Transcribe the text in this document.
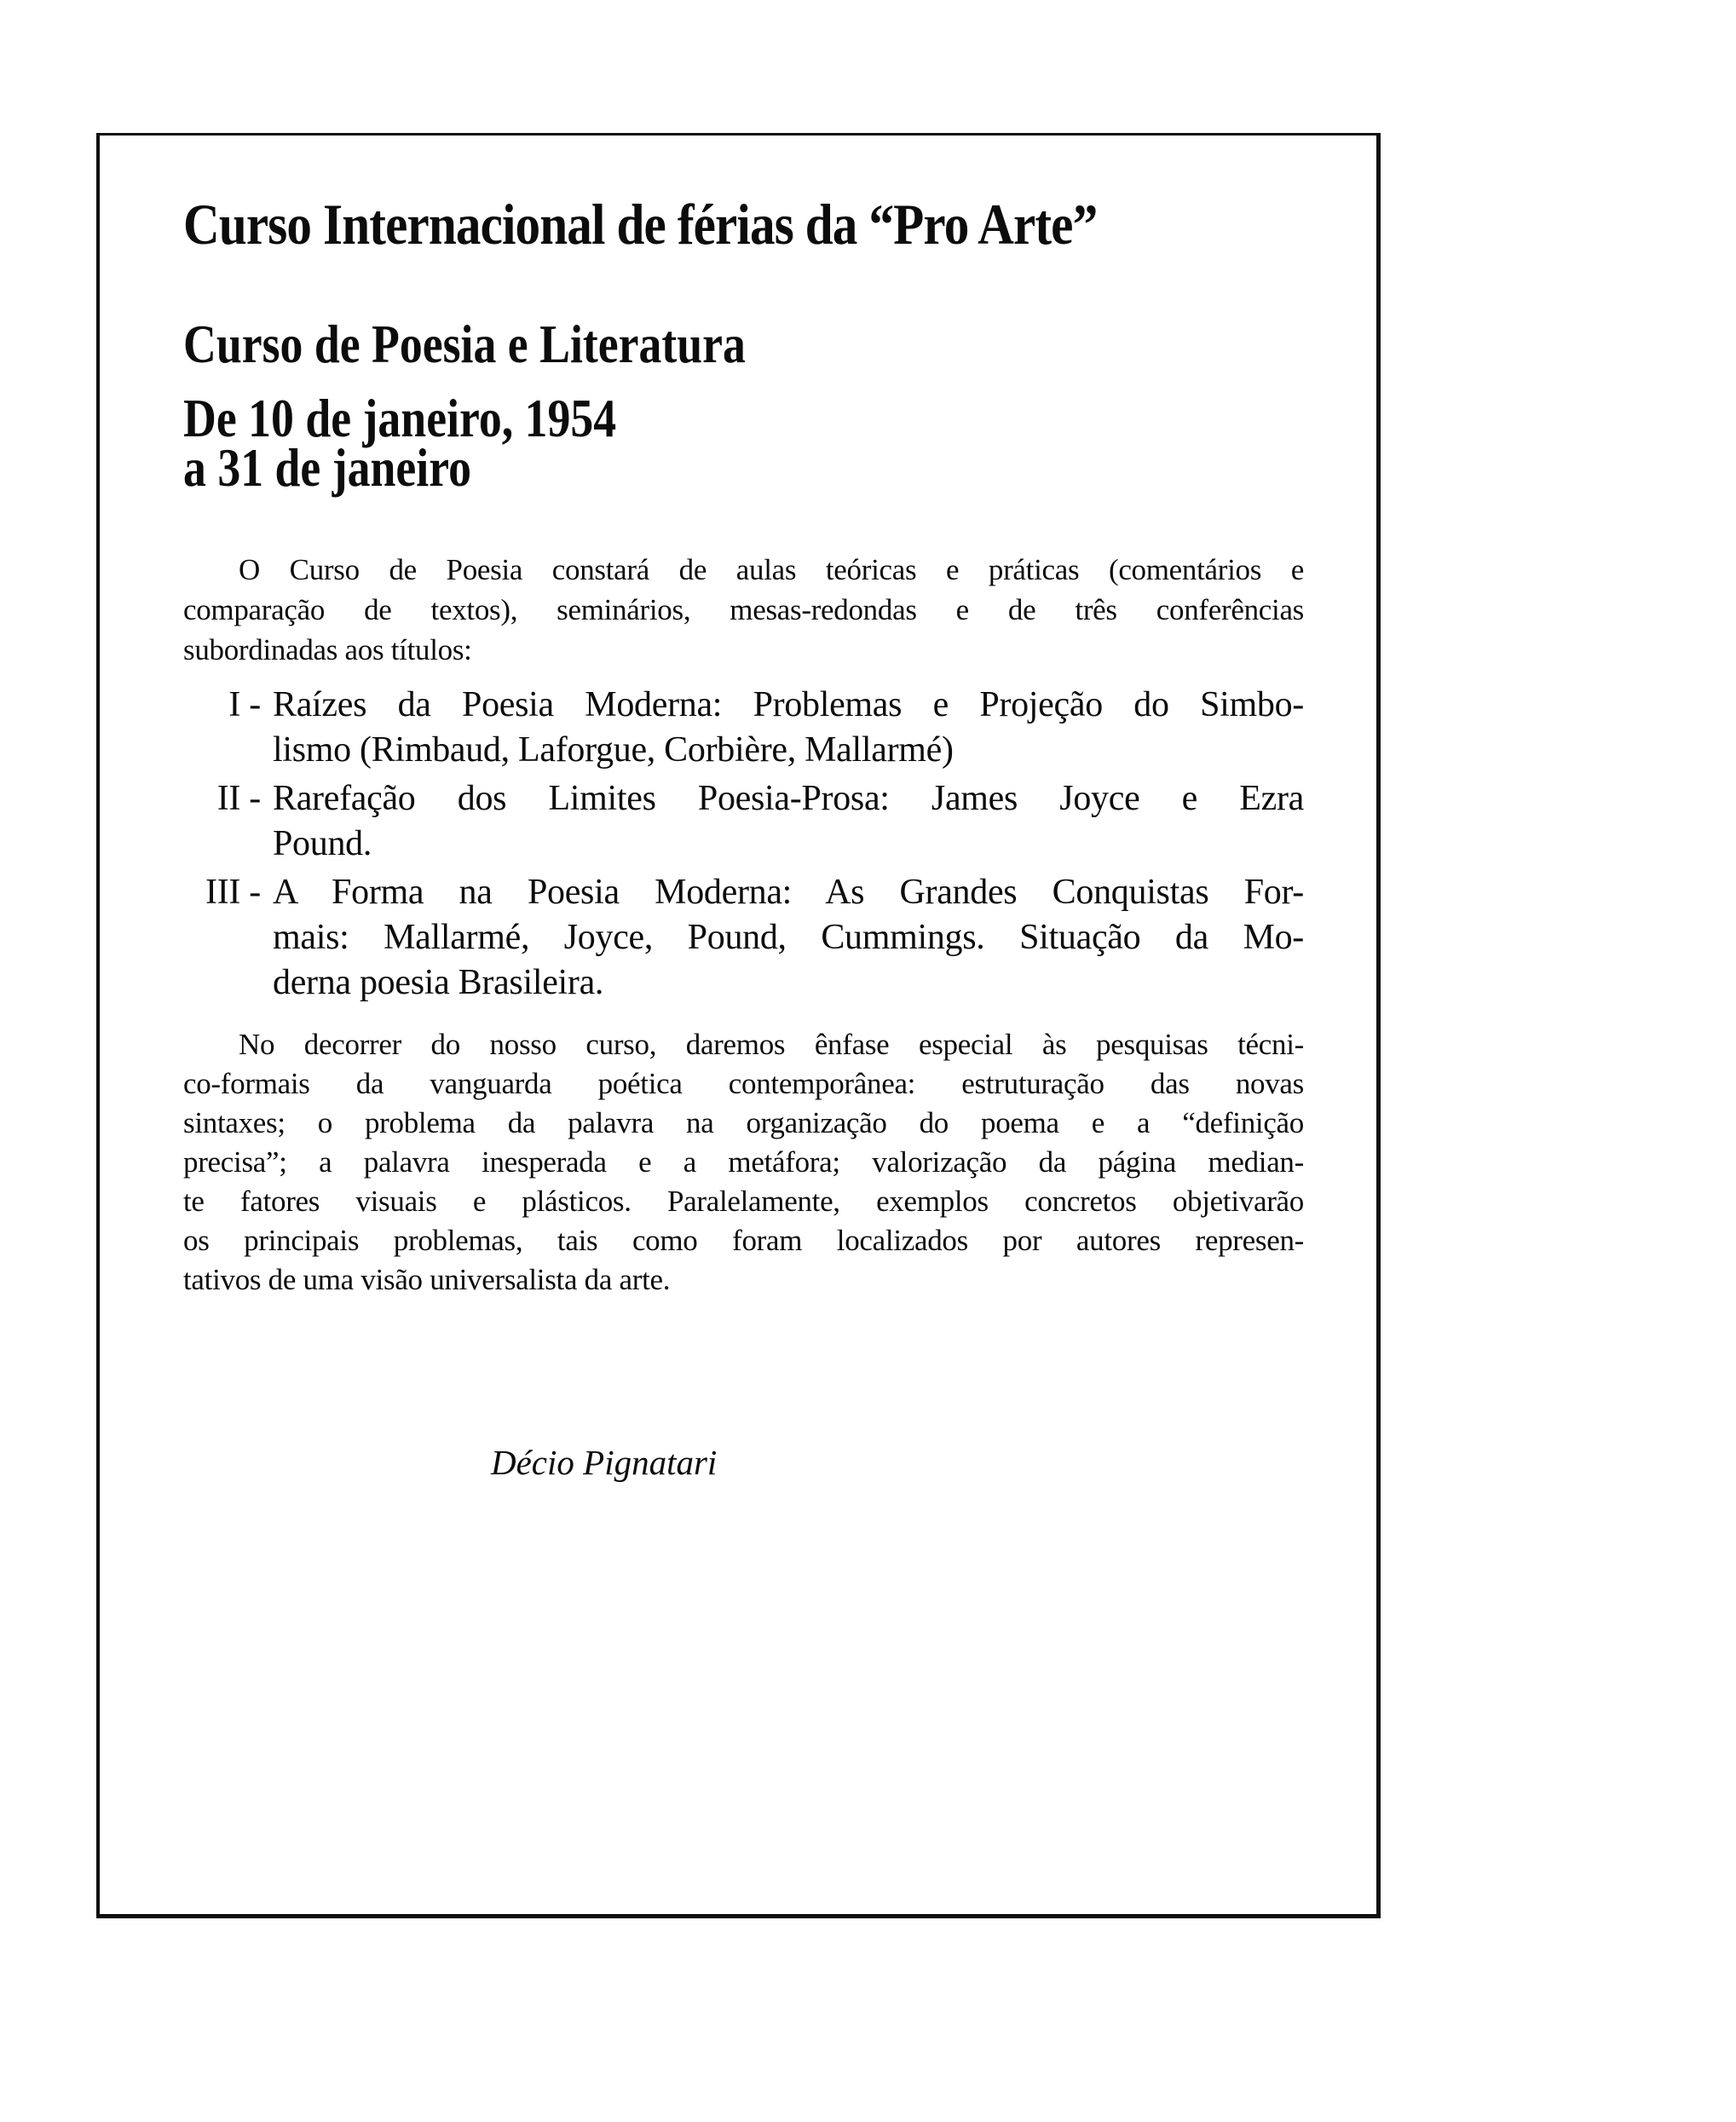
Curso Internacional de férias da “Pro Arte”
Curso de Poesia e Literatura
De 10 de janeiro, 1954
a 31 de janeiro
O Curso de Poesia constará de aulas teóricas e práticas (comentários e
comparação de textos), seminários, mesas-redondas e de três conferências
subordinadas aos títulos:
I - Raízes da Poesia Moderna: Problemas e Projeção do Simbo-
lismo (Rimbaud, Laforgue, Corbière, Mallarmé)
II - Rarefação dos Limites Poesia-Prosa: James Joyce e Ezra
Pound.
III - A Forma na Poesia Moderna: As Grandes Conquistas For-
mais: Mallarmé, Joyce, Pound, Cummings. Situação da Mo-
derna poesia Brasileira.
No decorrer do nosso curso, daremos ênfase especial às pesquisas técni-
co-formais da vanguarda poética contemporânea: estruturação das novas
sintaxes; o problema da palavra na organização do poema e a “definição
precisa”; a palavra inesperada e a metáfora; valorização da página median-
te fatores visuais e plásticos. Paralelamente, exemplos concretos objetivarão
os principais problemas, tais como foram localizados por autores represen-
tativos de uma visão universalista da arte.
Décio Pignatari
